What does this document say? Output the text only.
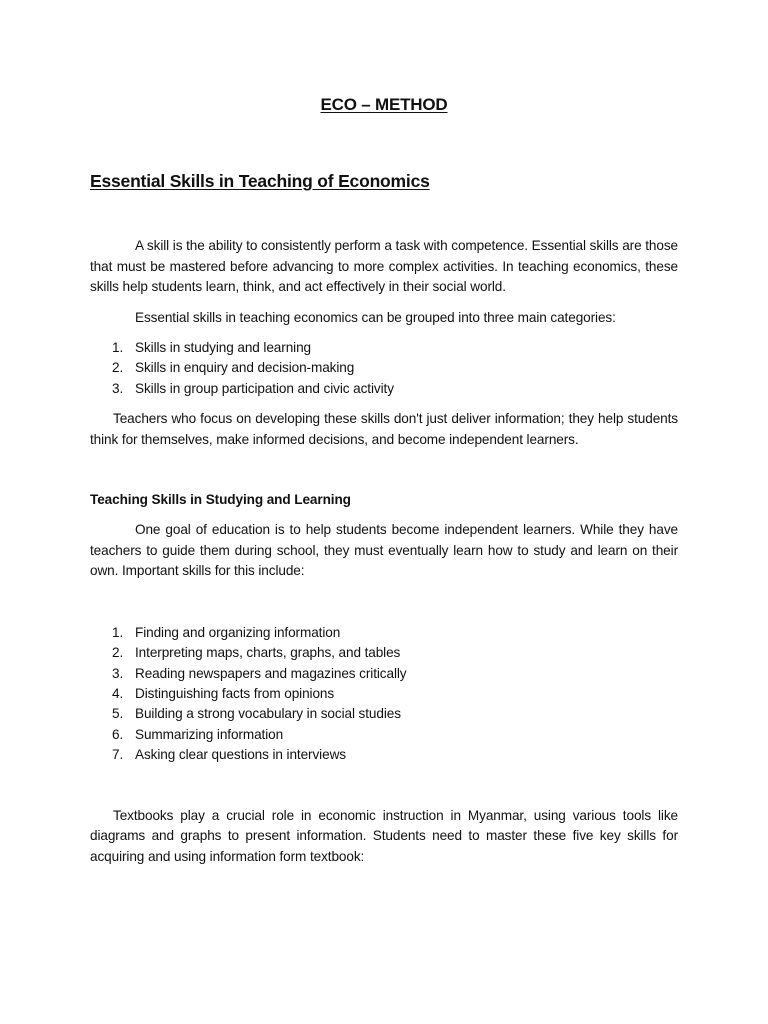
ECO – METHOD
Essential Skills in Teaching of Economics

A skill is the ability to consistently perform a task with competence. Essential skills are those that must be mastered before advancing to more complex activities. In teaching economics, these skills help students learn, think, and act effectively in their social world.

Essential skills in teaching economics can be grouped into three main categories:

1. Skills in studying and learning
2. Skills in enquiry and decision-making
3. Skills in group participation and civic activity

Teachers who focus on developing these skills don't just deliver information; they help students think for themselves, make informed decisions, and become independent learners.

Teaching Skills in Studying and Learning

One goal of education is to help students become independent learners. While they have teachers to guide them during school, they must eventually learn how to study and learn on their own. Important skills for this include:

1. Finding and organizing information
2. Interpreting maps, charts, graphs, and tables
3. Reading newspapers and magazines critically
4. Distinguishing facts from opinions
5. Building a strong vocabulary in social studies
6. Summarizing information
7. Asking clear questions in interviews

Textbooks play a crucial role in economic instruction in Myanmar, using various tools like diagrams and graphs to present information. Students need to master these five key skills for acquiring and using information form textbook:
